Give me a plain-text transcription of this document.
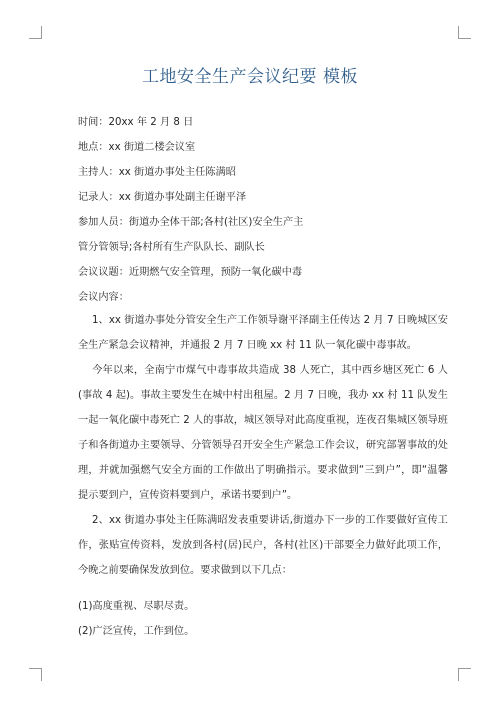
工地安全生产会议纪要 模板
时间：20xx 年 2 月 8 日
地点：xx 街道二楼会议室
主持人：xx 街道办事处主任陈满昭
记录人：xx 街道办事处副主任谢平泽
参加人员：街道办全体干部;各村(社区)安全生产主
管分管领导;各村所有生产队队长、副队长
会议议题：近期燃气安全管理，预防一氧化碳中毒
会议内容：
1、xx 街道办事处分管安全生产工作领导谢平泽副主任传达 2 月 7 日晚城区安全生产紧急会议精神，并通报 2 月 7 日晚 xx 村 11 队一氧化碳中毒事故。
今年以来，全南宁市煤气中毒事故共造成 38 人死亡，其中西乡塘区死亡 6 人(事故 4 起)。事故主要发生在城中村出租屋。2 月 7 日晚，我办 xx 村 11 队发生一起一氧化碳中毒死亡 2 人的事故，城区领导对此高度重视，连夜召集城区领导班子和各街道办主要领导、分管领导召开安全生产紧急工作会议，研究部署事故的处理，并就加强燃气安全方面的工作做出了明确指示。要求做到“三到户”，即“温馨提示要到户，宣传资料要到户，承诺书要到户”。
2、xx 街道办事处主任陈满昭发表重要讲话,街道办下一步的工作要做好宣传工作，张贴宣传资料，发放到各村(居)民户，各村(社区)干部要全力做好此项工作，今晚之前要确保发放到位。要求做到以下几点：
(1)高度重视、尽职尽责。
(2)广泛宣传，工作到位。
